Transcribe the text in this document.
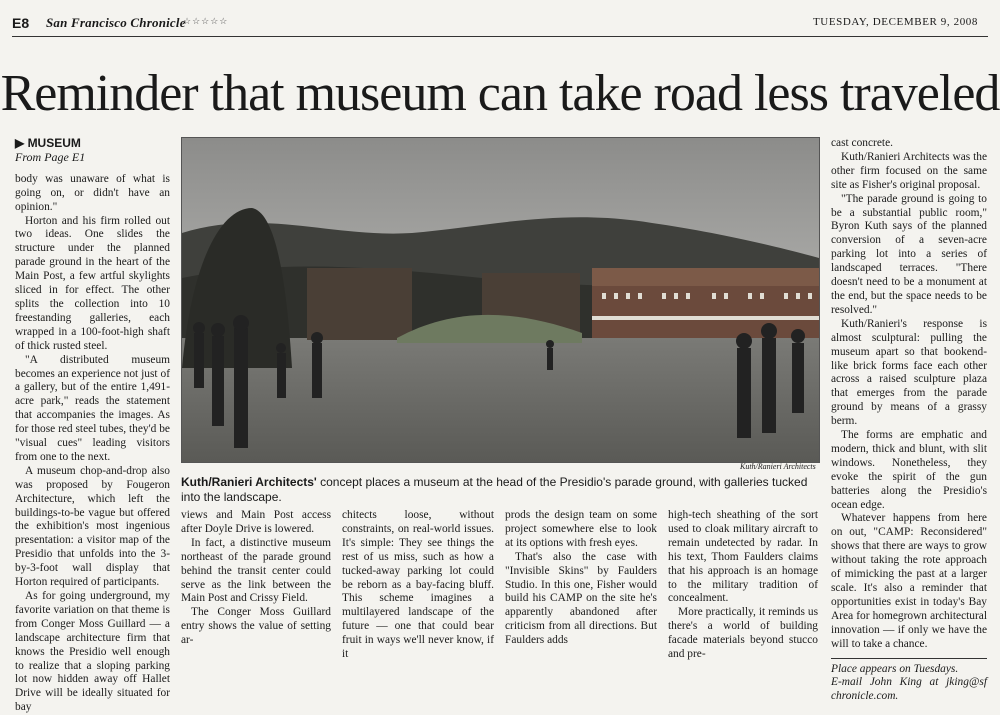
E8 San Francisco Chronicle
☆☆☆☆☆	TUESDAY, DECEMBER 9, 2008
Reminder that museum can take road less traveled
▶ MUSEUM
From Page E1

body was unaware of what is going on, or didn't have an opinion."

Horton and his firm rolled out two ideas. One slides the structure under the planned parade ground in the heart of the Main Post, a few artful skylights sliced in for effect. The other splits the collection into 10 freestanding galleries, each wrapped in a 100-foot-high shaft of thick rusted steel.

"A distributed museum becomes an experience not just of a gallery, but of the entire 1,491-acre park," reads the statement that accompanies the images. As for those red steel tubes, they'd be "visual cues" leading visitors from one to the next.

A museum chop-and-drop also was proposed by Fougeron Architecture, which left the buildings-to-be vague but offered the exhibition's most ingenious presentation: a visitor map of the Presidio that unfolds into the 3-by-3-foot wall display that Horton required of participants.

As for going underground, my favorite variation on that theme is from Conger Moss Guillard — a landscape architecture firm that knows the Presidio well enough to realize that a sloping parking lot now hidden away off Hallet Drive will be ideally situated for bay

Kuth/Ranieri Architects
Kuth/Ranieri Architects' concept places a museum at the head of the Presidio's parade ground, with galleries tucked into the landscape.

views and Main Post access after Doyle Drive is lowered.

In fact, a distinctive museum northeast of the parade ground behind the transit center could serve as the link between the Main Post and Crissy Field.

The Conger Moss Guillard entry shows the value of setting ar-

chitects loose, without constraints, on real-world issues. It's simple: They see things the rest of us miss, such as how a tucked-away parking lot could be reborn as a bay-facing bluff. This scheme imagines a multilayered landscape of the future — one that could bear fruit in ways we'll never know, if it

prods the design team on some project somewhere else to look at its options with fresh eyes.

That's also the case with "Invisible Skins" by Faulders Studio. In this one, Fisher would build his CAMP on the site he's apparently abandoned after criticism from all directions. But Faulders adds

high-tech sheathing of the sort used to cloak military aircraft to remain undetected by radar. In his text, Thom Faulders claims that his approach is an homage to the military tradition of concealment.

More practically, it reminds us there's a world of building facade materials beyond stucco and pre-

cast concrete.

Kuth/Ranieri Architects was the other firm focused on the same site as Fisher's original proposal.

"The parade ground is going to be a substantial public room," Byron Kuth says of the planned conversion of a seven-acre parking lot into a series of landscaped terraces. "There doesn't need to be a monument at the end, but the space needs to be resolved."

Kuth/Ranieri's response is almost sculptural: pulling the museum apart so that bookend-like brick forms face each other across a raised sculpture plaza that emerges from the parade ground by means of a grassy berm.

The forms are emphatic and modern, thick and blunt, with slit windows. Nonetheless, they evoke the spirit of the gun batteries along the Presidio's ocean edge.

Whatever happens from here on out, "CAMP: Reconsidered" shows that there are ways to grow without taking the rote approach of mimicking the past at a larger scale. It's also a reminder that opportunities exist in today's Bay Area for homegrown architectural innovation — if only we have the will to take a chance.

Place appears on Tuesdays.
E-mail John King at jking@sf chronicle.com.
